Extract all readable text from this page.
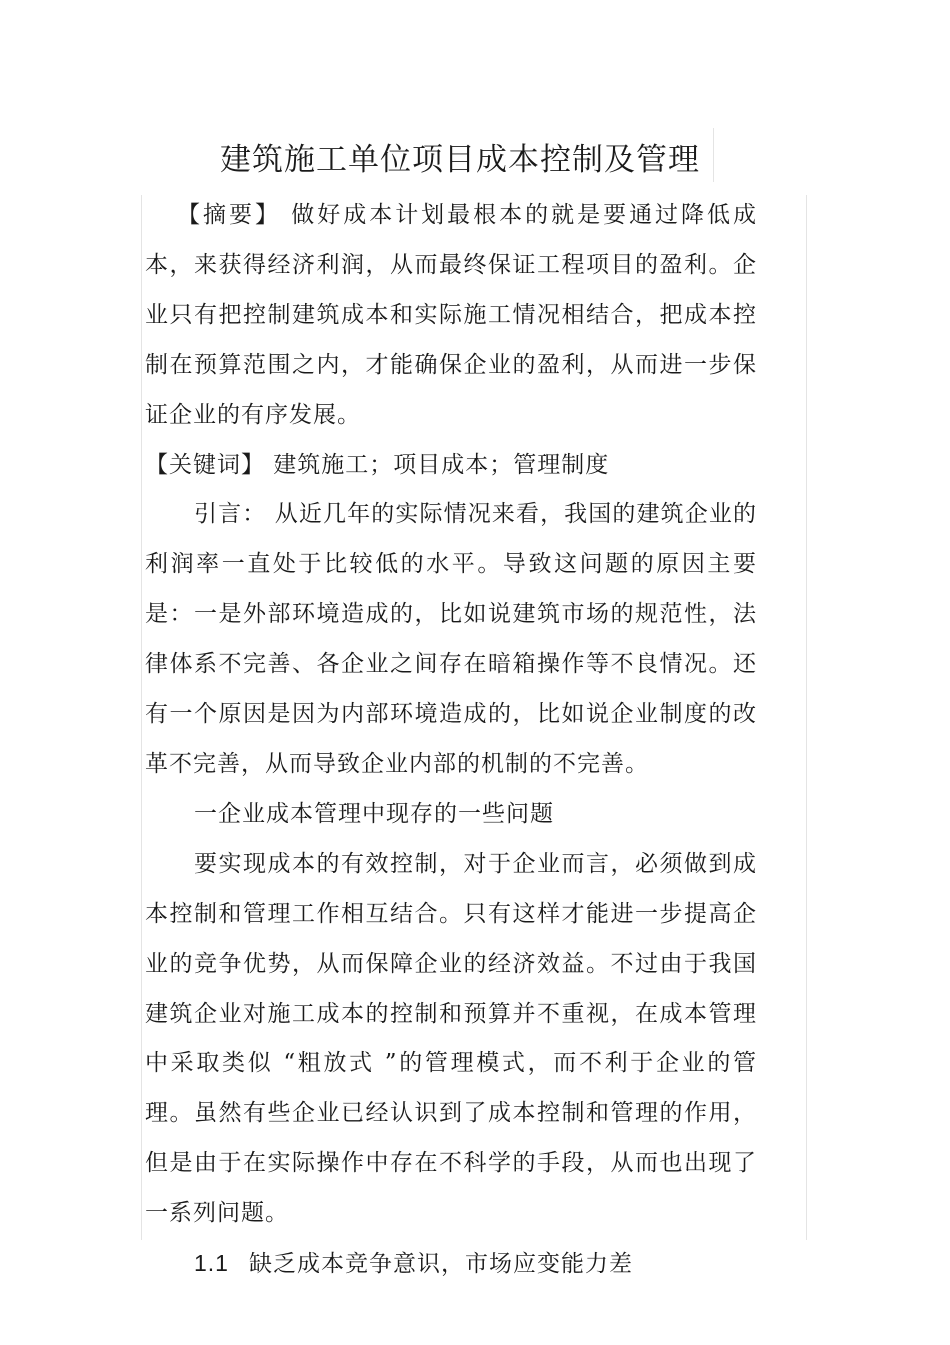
建筑施工单位项目成本控制及管理

【摘要】 做好成本计划最根本的就是要通过降低成本，来获得经济利润，从而最终保证工程项目的盈利。企业只有把控制建筑成本和实际施工情况相结合，把成本控制在预算范围之内，才能确保企业的盈利，从而进一步保证企业的有序发展。

【关键词】 建筑施工；项目成本；管理制度

引言： 从近几年的实际情况来看，我国的建筑企业的利润率一直处于比较低的水平。导致这问题的原因主要是：一是外部环境造成的，比如说建筑市场的规范性，法律体系不完善、各企业之间存在暗箱操作等不良情况。还有一个原因是因为内部环境造成的，比如说企业制度的改革不完善，从而导致企业内部的机制的不完善。

一企业成本管理中现存的一些问题

要实现成本的有效控制，对于企业而言，必须做到成本控制和管理工作相互结合。只有这样才能进一步提高企业的竞争优势，从而保障企业的经济效益。不过由于我国建筑企业对施工成本的控制和预算并不重视，在成本管理中采取类似 “粗放式 ”的管理模式，而不利于企业的管理。虽然有些企业已经认识到了成本控制和管理的作用，但是由于在实际操作中存在不科学的手段，从而也出现了一系列问题。

1.1 缺乏成本竞争意识，市场应变能力差
